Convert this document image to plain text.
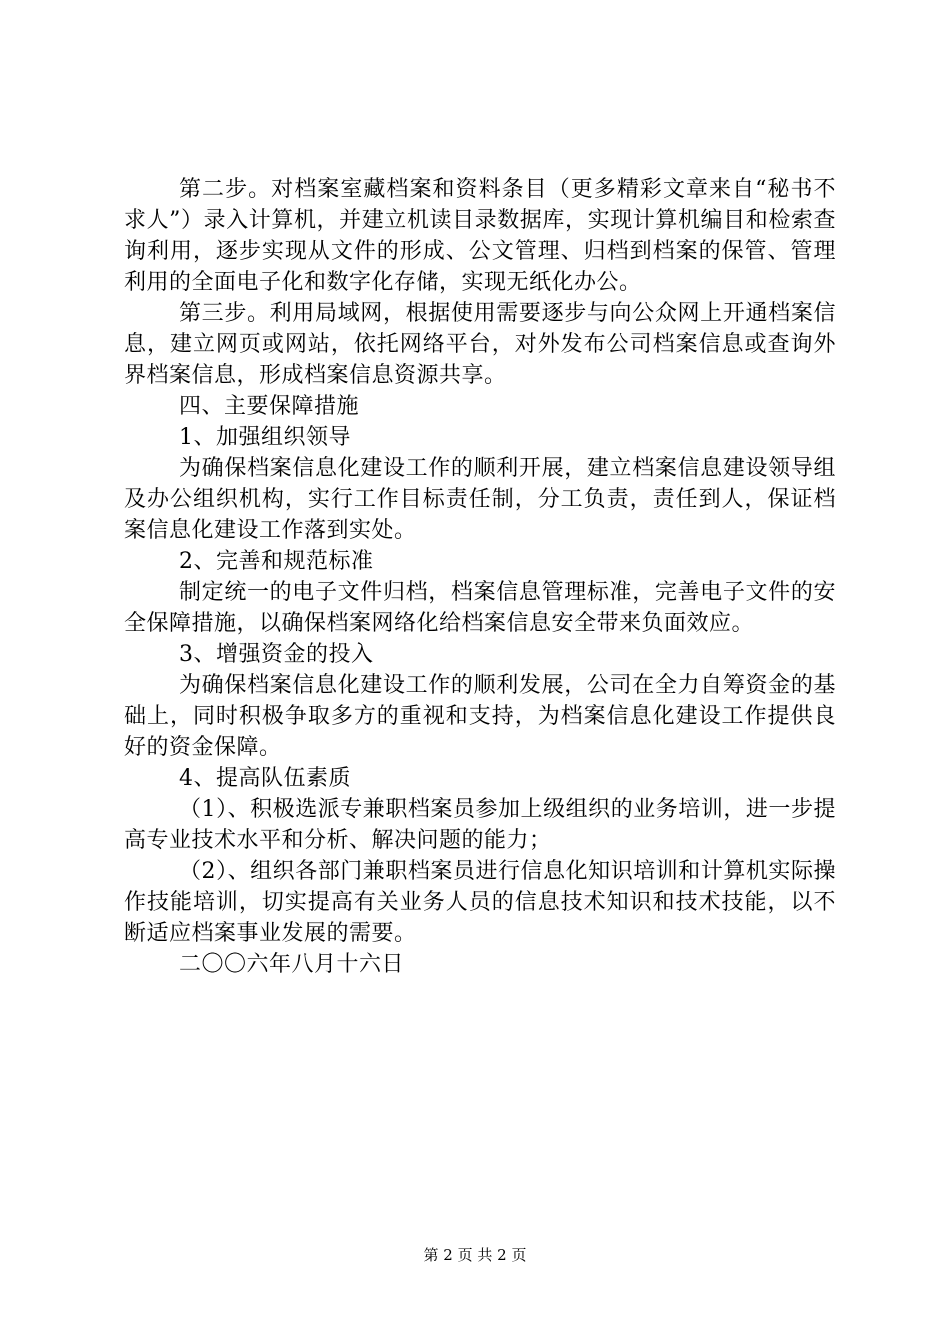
第二步。对档案室藏档案和资料条目（更多精彩文章来自“秘书不求人”）录入计算机，并建立机读目录数据库，实现计算机编目和检索查询利用，逐步实现从文件的形成、公文管理、归档到档案的保管、管理利用的全面电子化和数字化存储，实现无纸化办公。

第三步。利用局域网，根据使用需要逐步与向公众网上开通档案信息，建立网页或网站，依托网络平台，对外发布公司档案信息或查询外界档案信息，形成档案信息资源共享。

四、主要保障措施

1、加强组织领导

为确保档案信息化建设工作的顺利开展，建立档案信息建设领导组及办公组织机构，实行工作目标责任制，分工负责，责任到人，保证档案信息化建设工作落到实处。

2、完善和规范标准

制定统一的电子文件归档，档案信息管理标准，完善电子文件的安全保障措施，以确保档案网络化给档案信息安全带来负面效应。

3、增强资金的投入

为确保档案信息化建设工作的顺利发展，公司在全力自筹资金的基础上，同时积极争取多方的重视和支持，为档案信息化建设工作提供良好的资金保障。

4、提高队伍素质

（1）、积极选派专兼职档案员参加上级组织的业务培训，进一步提高专业技术水平和分析、解决问题的能力；

（2）、组织各部门兼职档案员进行信息化知识培训和计算机实际操作技能培训，切实提高有关业务人员的信息技术知识和技术技能，以不断适应档案事业发展的需要。

二〇〇六年八月十六日

第 2 页 共 2 页
